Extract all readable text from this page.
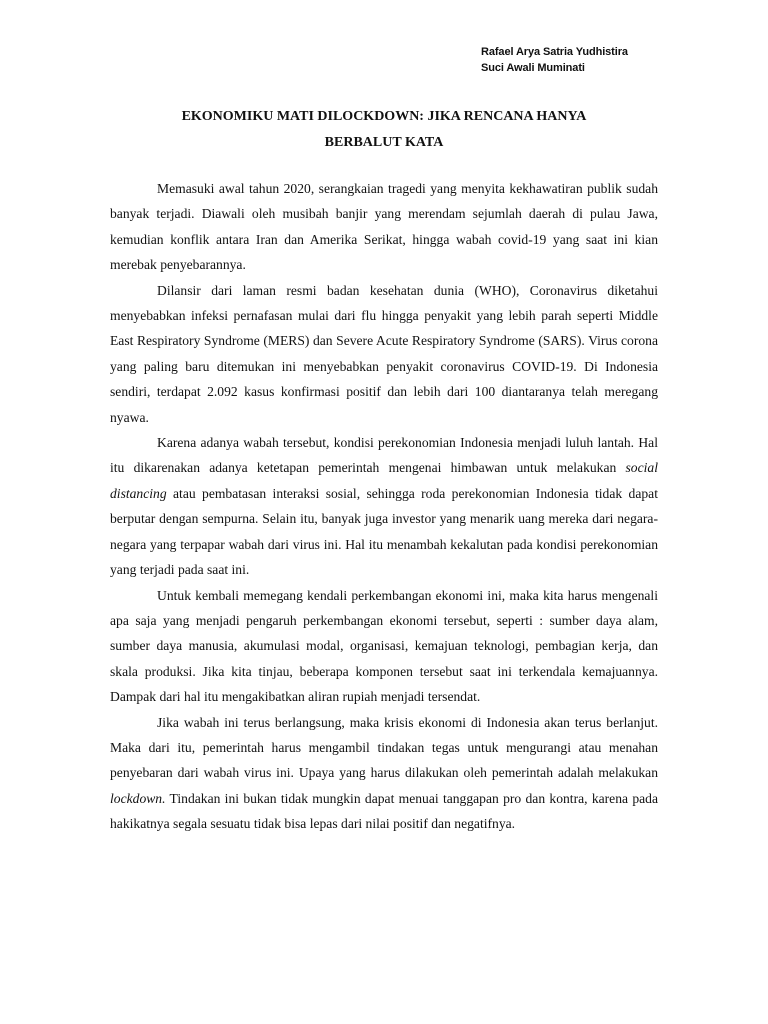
Rafael Arya Satria Yudhistira
Suci Awali Muminati
EKONOMIKU MATI DILOCKDOWN: JIKA RENCANA HANYA
BERBALUT KATA

Memasuki awal tahun 2020, serangkaian tragedi yang menyita kekhawatiran publik sudah banyak terjadi. Diawali oleh musibah banjir yang merendam sejumlah daerah di pulau Jawa, kemudian konflik antara Iran dan Amerika Serikat, hingga wabah covid-19 yang saat ini kian merebak penyebarannya.

Dilansir dari laman resmi badan kesehatan dunia (WHO), Coronavirus diketahui menyebabkan infeksi pernafasan mulai dari flu hingga penyakit yang lebih parah seperti Middle East Respiratory Syndrome (MERS) dan Severe Acute Respiratory Syndrome (SARS). Virus corona yang paling baru ditemukan ini menyebabkan penyakit coronavirus COVID-19. Di Indonesia sendiri, terdapat 2.092 kasus konfirmasi positif dan lebih dari 100 diantaranya telah meregang nyawa.

Karena adanya wabah tersebut, kondisi perekonomian Indonesia menjadi luluh lantah. Hal itu dikarenakan adanya ketetapan pemerintah mengenai himbawan untuk melakukan social distancing atau pembatasan interaksi sosial, sehingga roda perekonomian Indonesia tidak dapat berputar dengan sempurna. Selain itu, banyak juga investor yang menarik uang mereka dari negara-negara yang terpapar wabah dari virus ini. Hal itu menambah kekalutan pada kondisi perekonomian yang terjadi pada saat ini.

Untuk kembali memegang kendali perkembangan ekonomi ini, maka kita harus mengenali apa saja yang menjadi pengaruh perkembangan ekonomi tersebut, seperti : sumber daya alam, sumber daya manusia, akumulasi modal, organisasi, kemajuan teknologi, pembagian kerja, dan skala produksi. Jika kita tinjau, beberapa komponen tersebut saat ini terkendala kemajuannya. Dampak dari hal itu mengakibatkan aliran rupiah menjadi tersendat.

Jika wabah ini terus berlangsung, maka krisis ekonomi di Indonesia akan terus berlanjut. Maka dari itu, pemerintah harus mengambil tindakan tegas untuk mengurangi atau menahan penyebaran dari wabah virus ini. Upaya yang harus dilakukan oleh pemerintah adalah melakukan lockdown. Tindakan ini bukan tidak mungkin dapat menuai tanggapan pro dan kontra, karena pada hakikatnya segala sesuatu tidak bisa lepas dari nilai positif dan negatifnya.
